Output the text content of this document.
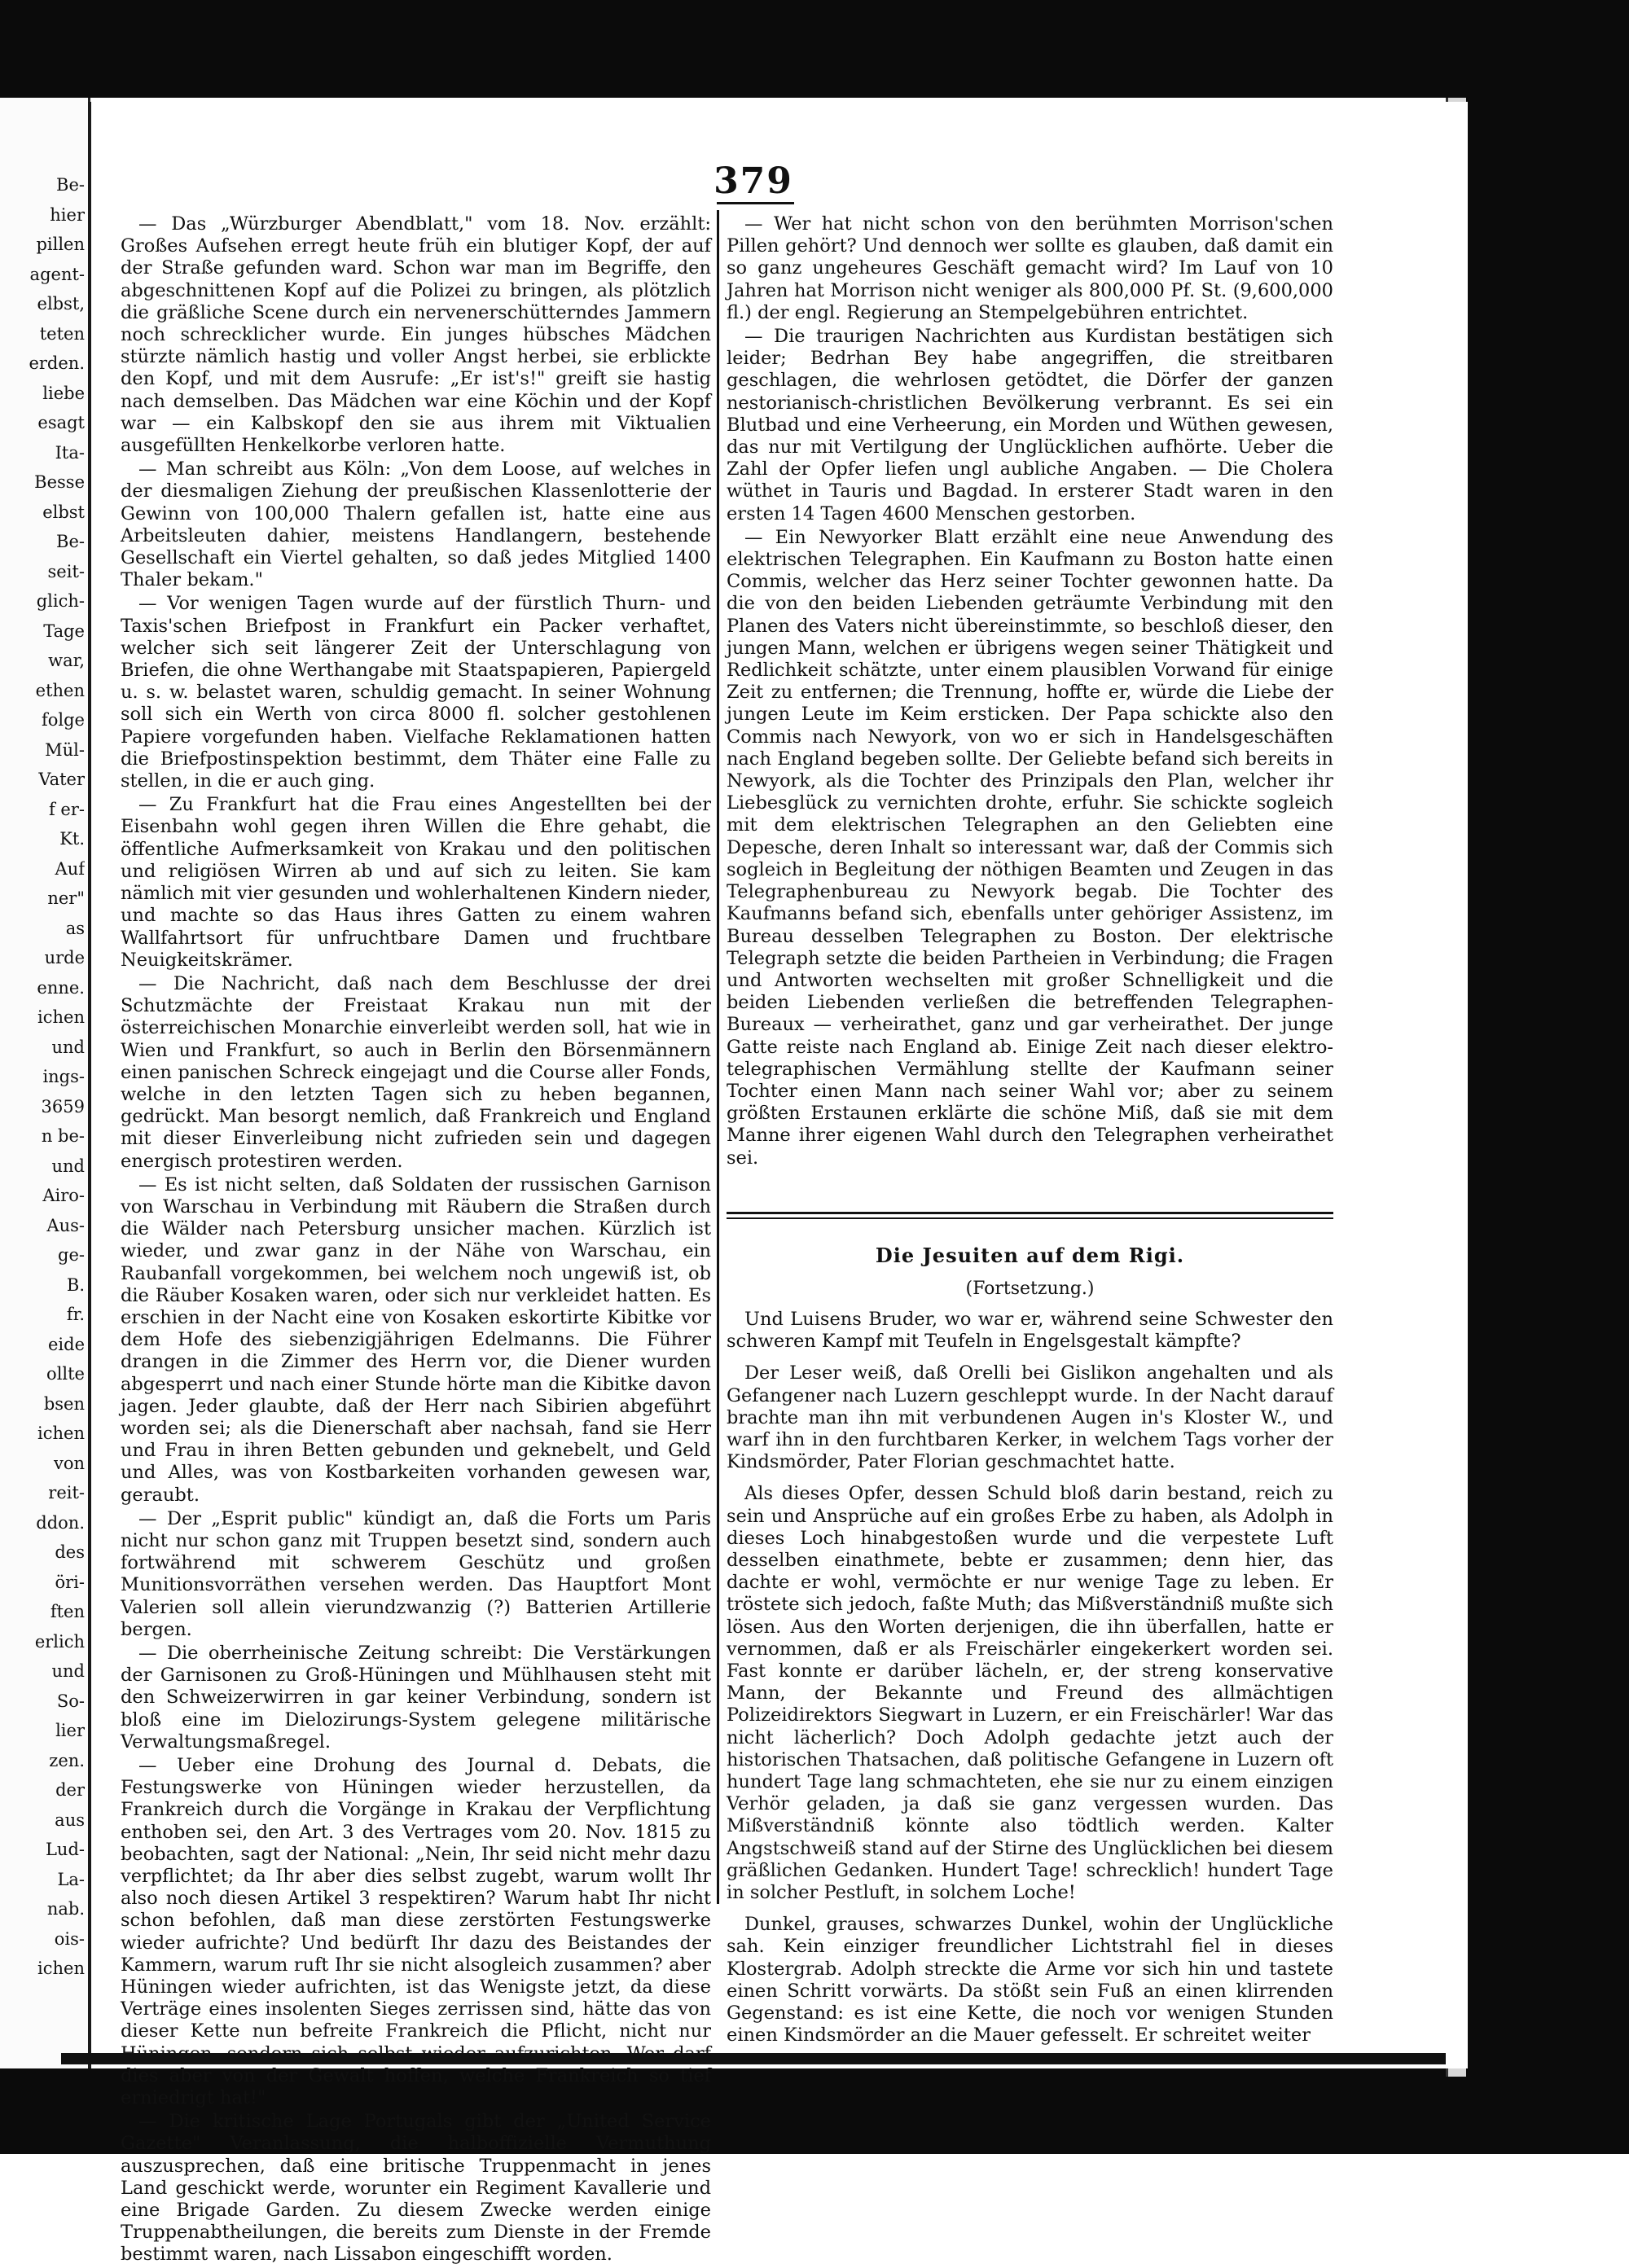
Be-
hier
pillen
agent-
elbst,
teten
erden.
liebe
esagt
Ita-
Besse
elbst
Be-
seit-
glich-
Tage
war,
ethen
folge
Mül-
Vater
f er-
Kt.
Auf
ner"
as
urde
enne.
ichen
und
ings-
3659
n be-
und
Airo-
Aus-
ge-
B.
fr.
eide
ollte
bsen
ichen
von
reit-
ddon.
des
öri-
ften
erlich
und
So-
lier
zen.
der
aus
Lud-
La-
nab.
ois-
ichen
379
— Das „Würzburger Abendblatt," vom 18. Nov. erzählt: Großes Aufsehen erregt heute früh ein blutiger Kopf, der auf der Straße gefunden ward. Schon war man im Begriffe, den abgeschnittenen Kopf auf die Polizei zu bringen, als plötzlich die gräßliche Scene durch ein nervenerschütterndes Jammern noch schrecklicher wurde. Ein junges hübsches Mädchen stürzte nämlich hastig und voller Angst herbei, sie erblickte den Kopf, und mit dem Ausrufe: „Er ist's!" greift sie hastig nach demselben. Das Mädchen war eine Köchin und der Kopf war — ein Kalbskopf den sie aus ihrem mit Viktualien ausgefüllten Henkelkorbe verloren hatte.
— Man schreibt aus Köln: „Von dem Loose, auf welches in der diesmaligen Ziehung der preußischen Klassenlotterie der Gewinn von 100,000 Thalern gefallen ist, hatte eine aus Arbeitsleuten dahier, meistens Handlangern, bestehende Gesellschaft ein Viertel gehalten, so daß jedes Mitglied 1400 Thaler bekam."
— Vor wenigen Tagen wurde auf der fürstlich Thurn- und Taxis'schen Briefpost in Frankfurt ein Packer verhaftet, welcher sich seit längerer Zeit der Unterschlagung von Briefen, die ohne Werthangabe mit Staatspapieren, Papiergeld u. s. w. belastet waren, schuldig gemacht. In seiner Wohnung soll sich ein Werth von circa 8000 fl. solcher gestohlenen Papiere vorgefunden haben. Vielfache Reklamationen hatten die Briefpostinspektion bestimmt, dem Thäter eine Falle zu stellen, in die er auch ging.
— Zu Frankfurt hat die Frau eines Angestellten bei der Eisenbahn wohl gegen ihren Willen die Ehre gehabt, die öffentliche Aufmerksamkeit von Krakau und den politischen und religiösen Wirren ab und auf sich zu leiten. Sie kam nämlich mit vier gesunden und wohlerhaltenen Kindern nieder, und machte so das Haus ihres Gatten zu einem wahren Wallfahrtsort für unfruchtbare Damen und fruchtbare Neuigkeitskrämer.
— Die Nachricht, daß nach dem Beschlusse der drei Schutzmächte der Freistaat Krakau nun mit der österreichischen Monarchie einverleibt werden soll, hat wie in Wien und Frankfurt, so auch in Berlin den Börsenmännern einen panischen Schreck eingejagt und die Course aller Fonds, welche in den letzten Tagen sich zu heben begannen, gedrückt. Man besorgt nemlich, daß Frankreich und England mit dieser Einverleibung nicht zufrieden sein und dagegen energisch protestiren werden.
— Es ist nicht selten, daß Soldaten der russischen Garnison von Warschau in Verbindung mit Räubern die Straßen durch die Wälder nach Petersburg unsicher machen. Kürzlich ist wieder, und zwar ganz in der Nähe von Warschau, ein Raubanfall vorgekommen, bei welchem noch ungewiß ist, ob die Räuber Kosaken waren, oder sich nur verkleidet hatten. Es erschien in der Nacht eine von Kosaken eskortirte Kibitke vor dem Hofe des siebenzigjährigen Edelmanns. Die Führer drangen in die Zimmer des Herrn vor, die Diener wurden abgesperrt und nach einer Stunde hörte man die Kibitke davon jagen. Jeder glaubte, daß der Herr nach Sibirien abgeführt worden sei; als die Dienerschaft aber nachsah, fand sie Herr und Frau in ihren Betten gebunden und geknebelt, und Geld und Alles, was von Kostbarkeiten vorhanden gewesen war, geraubt.
— Der „Esprit public" kündigt an, daß die Forts um Paris nicht nur schon ganz mit Truppen besetzt sind, sondern auch fortwährend mit schwerem Geschütz und großen Munitionsvorräthen versehen werden. Das Hauptfort Mont Valerien soll allein vierundzwanzig (?) Batterien Artillerie bergen.
— Die oberrheinische Zeitung schreibt: Die Verstärkungen der Garnisonen zu Groß-Hüningen und Mühlhausen steht mit den Schweizerwirren in gar keiner Verbindung, sondern ist bloß eine im Dielozirungs-System gelegene militärische Verwaltungsmaßregel.
— Ueber eine Drohung des Journal d. Debats, die Festungswerke von Hüningen wieder herzustellen, da Frankreich durch die Vorgänge in Krakau der Verpflichtung enthoben sei, den Art. 3 des Vertrages vom 20. Nov. 1815 zu beobachten, sagt der National: „Nein, Ihr seid nicht mehr dazu verpflichtet; da Ihr aber dies selbst zugebt, warum wollt Ihr also noch diesen Artikel 3 respektiren? Warum habt Ihr nicht schon befohlen, daß man diese zerstörten Festungswerke wieder aufrichte? Und bedürft Ihr dazu des Beistandes der Kammern, warum ruft Ihr sie nicht alsogleich zusammen? aber Hüningen wieder aufrichten, ist das Wenigste jetzt, da diese Verträge eines insolenten Sieges zerrissen sind, hätte das von dieser Kette nun befreite Frankreich die Pflicht, nicht nur dies aber von der Gewalt hoffen, welche Frankreich so tief erniedrigt hat!"
— Die kritische Lage Portugals gibt der „United Service Gazette" Veranlassung, die halboffizielle Vermuthung auszusprechen, daß eine britische Truppenmacht in jenes Land geschickt werde, worunter ein Regiment Kavallerie und eine Brigade Garden. Zu diesem Zwecke werden einige Truppenabtheilungen, die bereits zum Dienste in der Fremde bestimmt waren, nach Lissabon eingeschifft worden.
— Wer hat nicht schon von den berühmten Morrison'schen Pillen gehört? Und dennoch wer sollte es glauben, daß damit ein so ganz ungeheures Geschäft gemacht wird? Im Lauf von 10 Jahren hat Morrison nicht weniger als 800,000 Pf. St. (9,600,000 fl.) der engl. Regierung an Stempelgebühren entrichtet.
— Die traurigen Nachrichten aus Kurdistan bestätigen sich leider; Bedrhan Bey habe angegriffen, die streitbaren geschlagen, die wehrlosen getödtet, die Dörfer der ganzen nestorianisch-christlichen Bevölkerung verbrannt. Es sei ein Blutbad und eine Verheerung, ein Morden und Wüthen gewesen, das nur mit Vertilgung der Unglücklichen aufhörte. Ueber die Zahl der Opfer liefen ungl aubliche Angaben. — Die Cholera wüthet in Tauris und Bagdad. In ersterer Stadt waren in den ersten 14 Tagen 4600 Menschen gestorben.
— Ein Newyorker Blatt erzählt eine neue Anwendung des elektrischen Telegraphen. Ein Kaufmann zu Boston hatte einen Commis, welcher das Herz seiner Tochter gewonnen hatte. Da die von den beiden Liebenden geträumte Verbindung mit den Planen des Vaters nicht übereinstimmte, so beschloß dieser, den jungen Mann, welchen er übrigens wegen seiner Thätigkeit und Redlichkeit schätzte, unter einem plausiblen Vorwand für einige Zeit zu entfernen; die Trennung, hoffte er, würde die Liebe der jungen Leute im Keim ersticken. Der Papa schickte also den Commis nach Newyork, von wo er sich in Handelsgeschäften nach England begeben sollte. Der Geliebte befand sich bereits in Newyork, als die Tochter des Prinzipals den Plan, welcher ihr Liebesglück zu vernichten drohte, erfuhr. Sie schickte sogleich mit dem elektrischen Telegraphen an den Geliebten eine Depesche, deren Inhalt so interessant war, daß der Commis sich sogleich in Begleitung der nöthigen Beamten und Zeugen in das Telegraphenbureau zu Newyork begab. Die Tochter des Kaufmanns befand sich, ebenfalls unter gehöriger Assistenz, im Bureau desselben Telegraphen zu Boston. Der elektrische Telegraph setzte die beiden Partheien in Verbindung; die Fragen und Antworten wechselten mit großer Schnelligkeit und die beiden Liebenden verließen die betreffenden Telegraphen-Bureaux — verheirathet, ganz und gar verheirathet. Der junge Gatte reiste nach England ab. Einige Zeit nach dieser elektro-telegraphischen Vermählung stellte der Kaufmann seiner Tochter einen Mann nach seiner Wahl vor; aber zu seinem größten Erstaunen erklärte die schöne Miß, daß sie mit dem Manne ihrer eigenen Wahl durch den Telegraphen verheirathet sei.
Die Jesuiten auf dem Rigi.
(Fortsetzung.)

Und Luisens Bruder, wo war er, während seine Schwester den schweren Kampf mit Teufeln in Engelsgestalt kämpfte?

Der Leser weiß, daß Orelli bei Gislikon angehalten und als Gefangener nach Luzern geschleppt wurde. In der Nacht darauf brachte man ihn mit verbundenen Augen in's Kloster W., und warf ihn in den furchtbaren Kerker, in welchem Tags vorher der Kindsmörder, Pater Florian geschmachtet hatte.

Als dieses Opfer, dessen Schuld bloß darin bestand, reich zu sein und Ansprüche auf ein großes Erbe zu haben, als Adolph in dieses Loch hinabgestoßen wurde und die verpestete Luft desselben einathmete, bebte er zusammen; denn hier, das dachte er wohl, vermöchte er nur wenige Tage zu leben. Er tröstete sich jedoch, faßte Muth; das Mißverständniß mußte sich lösen. Aus den Worten derjenigen, die ihn überfallen, hatte er vernommen, daß er als Freischärler eingekerkert worden sei. Fast konnte er darüber lächeln, er, der streng konservative Mann, der Bekannte und Freund des allmächtigen Polizeidirektors Siegwart in Luzern, er ein Freischärler! War das nicht lächerlich? Doch Adolph gedachte jetzt auch der historischen Thatsachen, daß politische Gefangene in Luzern oft hundert Tage lang schmachteten, ehe sie nur zu einem einzigen Verhör geladen, ja daß sie ganz vergessen wurden. Das Mißverständniß könnte also tödtlich werden. Kalter Angstschweiß stand auf der Stirne des Unglücklichen bei diesem gräßlichen Gedanken. Hundert Tage! schrecklich! hundert Tage in solcher Pestluft, in solchem Loche!

Dunkel, grauses, schwarzes Dunkel, wohin der Unglückliche sah. Kein einziger freundlicher Lichtstrahl fiel in dieses Klostergrab. Adolph streckte die Arme vor sich hin und tastete einen Schritt vorwärts. Da stößt sein Fuß an einen klirrenden Gegenstand: es ist eine Kette, die noch vor wenigen Stunden einen Kindsmörder an die Mauer gefesselt. Er schreitet weiter
